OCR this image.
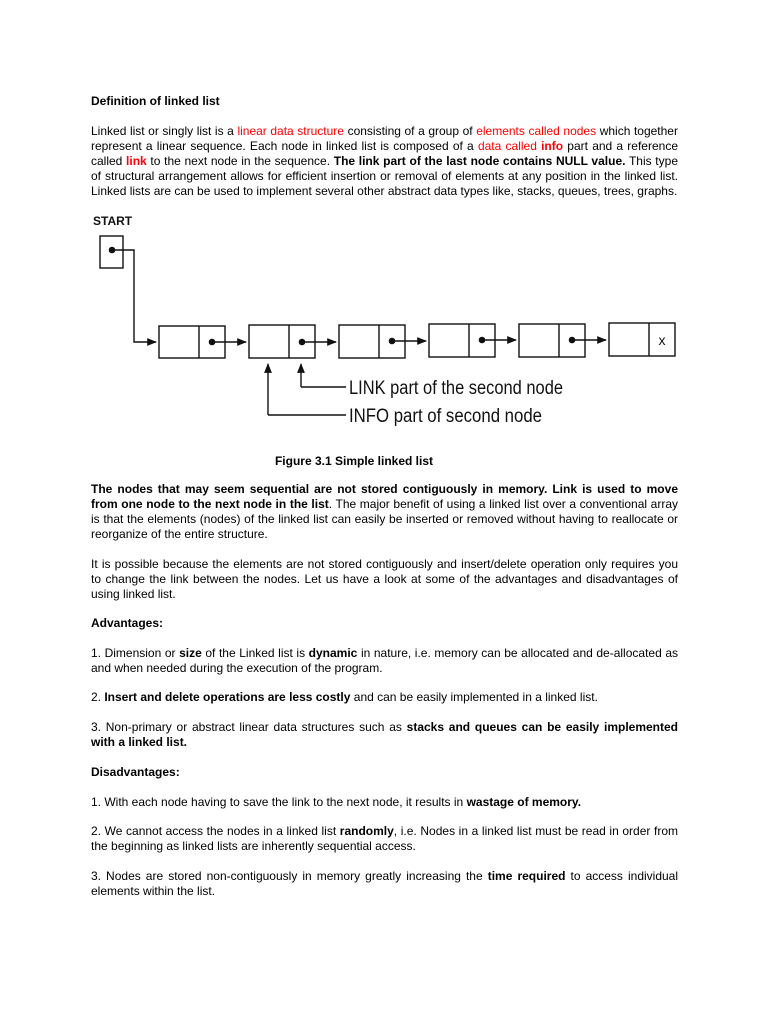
Definition of linked list

Linked list or singly list is a linear data structure consisting of a group of elements called nodes which together represent a linear sequence. Each node in linked list is composed of a data called info part and a reference called link to the next node in the sequence. The link part of the last node contains NULL value. This type of structural arrangement allows for efficient insertion or removal of elements at any position in the linked list. Linked lists are can be used to implement several other abstract data types like, stacks, queues, trees, graphs.

START
x
LINK part of the second node
INFO part of second node
Figure 3.1 Simple linked list

The nodes that may seem sequential are not stored contiguously in memory. Link is used to move from one node to the next node in the list. The major benefit of using a linked list over a conventional array is that the elements (nodes) of the linked list can easily be inserted or removed without having to reallocate or reorganize of the entire structure.

It is possible because the elements are not stored contiguously and insert/delete operation only requires you to change the link between the nodes. Let us have a look at some of the advantages and disadvantages of using linked list.

Advantages:

1. Dimension or size of the Linked list is dynamic in nature, i.e. memory can be allocated and de-allocated as and when needed during the execution of the program.

2. Insert and delete operations are less costly and can be easily implemented in a linked list.

3. Non-primary or abstract linear data structures such as stacks and queues can be easily implemented with a linked list.

Disadvantages:

1. With each node having to save the link to the next node, it results in wastage of memory.

2. We cannot access the nodes in a linked list randomly, i.e. Nodes in a linked list must be read in order from the beginning as linked lists are inherently sequential access.

3. Nodes are stored non-contiguously in memory greatly increasing the time required to access individual elements within the list.
